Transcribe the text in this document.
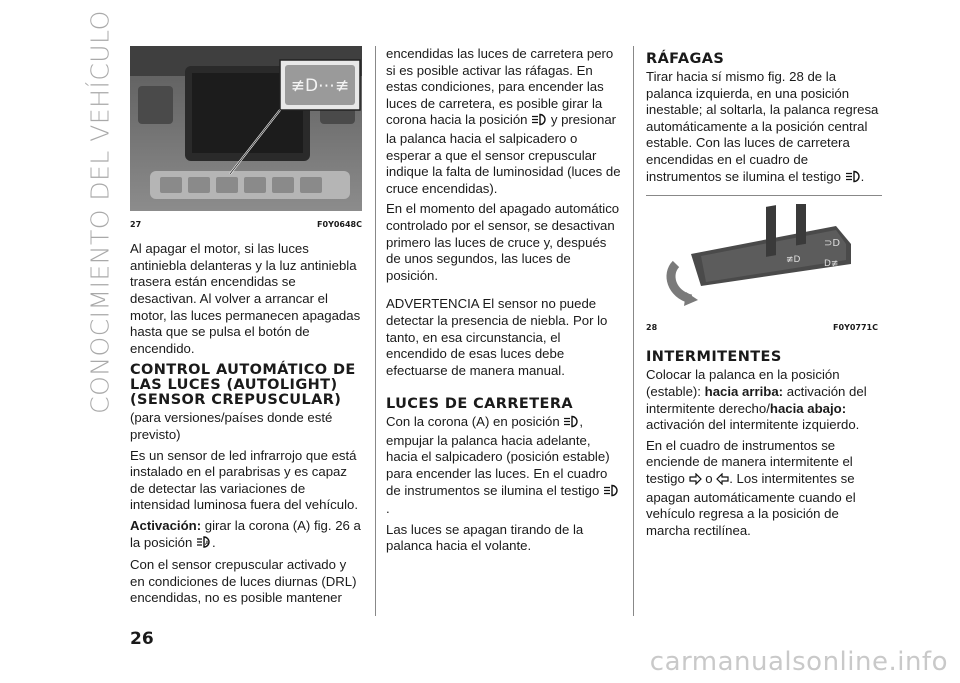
CONOCIMIENTO DEL VEHÍCULO	≢D⋯≢
27	F0Y0648C

Al apagar el motor, si las luces antiniebla delanteras y la luz antiniebla trasera están encendidas se desactivan. Al volver a arrancar el motor, las luces permanecen apagadas hasta que se pulsa el botón de encendido.

CONTROL AUTOMÁTICO DE LAS LUCES (AUTOLIGHT) (SENSOR CREPUSCULAR)

(para versiones/países donde esté previsto)

Es un sensor de led infrarrojo que está instalado en el parabrisas y es capaz de detectar las variaciones de intensidad luminosa fuera del vehículo.

Activación: girar la corona (A) fig. 26 a la posición A .

Con el sensor crepuscular activado y en condiciones de luces diurnas (DRL) encendidas, no es posible mantener

encendidas las luces de carretera pero si es posible activar las ráfagas. En estas condiciones, para encender las luces de carretera, es posible girar la corona hacia la posición  y presionar la palanca hacia el salpicadero o esperar a que el sensor crepuscular indique la falta de luminosidad (luces de cruce encendidas).

En el momento del apagado automático controlado por el sensor, se desactivan primero las luces de cruce y, después de unos segundos, las luces de posición.

ADVERTENCIA El sensor no puede detectar la presencia de niebla. Por lo tanto, en esa circunstancia, el encendido de esas luces debe efectuarse de manera manual.

LUCES DE CARRETERA

Con la corona (A) en posición , empujar la palanca hacia adelante, hacia el salpicadero (posición estable) para encender las luces. En el cuadro de instrumentos se ilumina el testigo .

Las luces se apagan tirando de la palanca hacia el volante.

RÁFAGAS

Tirar hacia sí mismo fig. 28 de la palanca izquierda, en una posición inestable; al soltarla, la palanca regresa automáticamente a la posición central estable. Con las luces de carretera encendidas en el cuadro de instrumentos se ilumina el testigo .

⊃D
≢D	D≢
28	F0Y0771C
INTERMITENTES

Colocar la palanca en la posición (estable): hacia arriba: activación del intermitente derecho/hacia abajo: activación del intermitente izquierdo.

En el cuadro de instrumentos se enciende de manera intermitente el testigo  o . Los intermitentes se apagan automáticamente cuando el vehículo regresa a la posición de marcha rectilínea.

26
carmanualsonline.info
